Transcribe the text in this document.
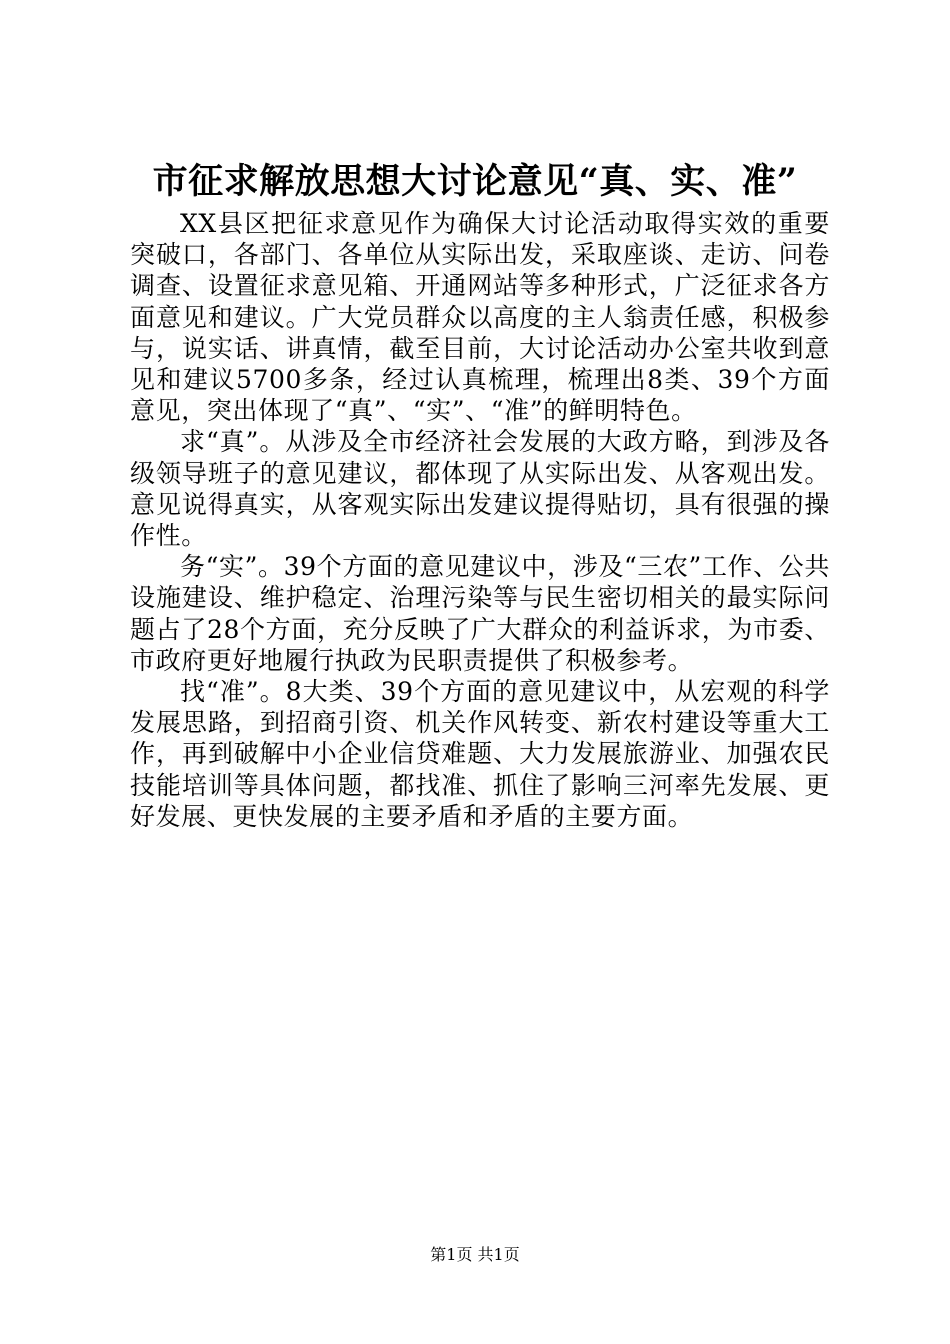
市征求解放思想大讨论意见“真、实、准”

XX县区把征求意见作为确保大讨论活动取得实效的重要突破口，各部门、各单位从实际出发，采取座谈、走访、问卷调查、设置征求意见箱、开通网站等多种形式，广泛征求各方面意见和建议。广大党员群众以高度的主人翁责任感，积极参与，说实话、讲真情，截至目前，大讨论活动办公室共收到意见和建议5700多条，经过认真梳理，梳理出8类、39个方面意见，突出体现了“真”、“实”、“准”的鲜明特色。

求“真”。从涉及全市经济社会发展的大政方略，到涉及各级领导班子的意见建议，都体现了从实际出发、从客观出发。意见说得真实，从客观实际出发建议提得贴切，具有很强的操作性。

务“实”。39个方面的意见建议中，涉及“三农”工作、公共设施建设、维护稳定、治理污染等与民生密切相关的最实际问题占了28个方面，充分反映了广大群众的利益诉求，为市委、市政府更好地履行执政为民职责提供了积极参考。

找“准”。8大类、39个方面的意见建议中，从宏观的科学发展思路，到招商引资、机关作风转变、新农村建设等重大工作，再到破解中小企业信贷难题、大力发展旅游业、加强农民技能培训等具体问题，都找准、抓住了影响三河率先发展、更好发展、更快发展的主要矛盾和矛盾的主要方面。

第1页 共1页
